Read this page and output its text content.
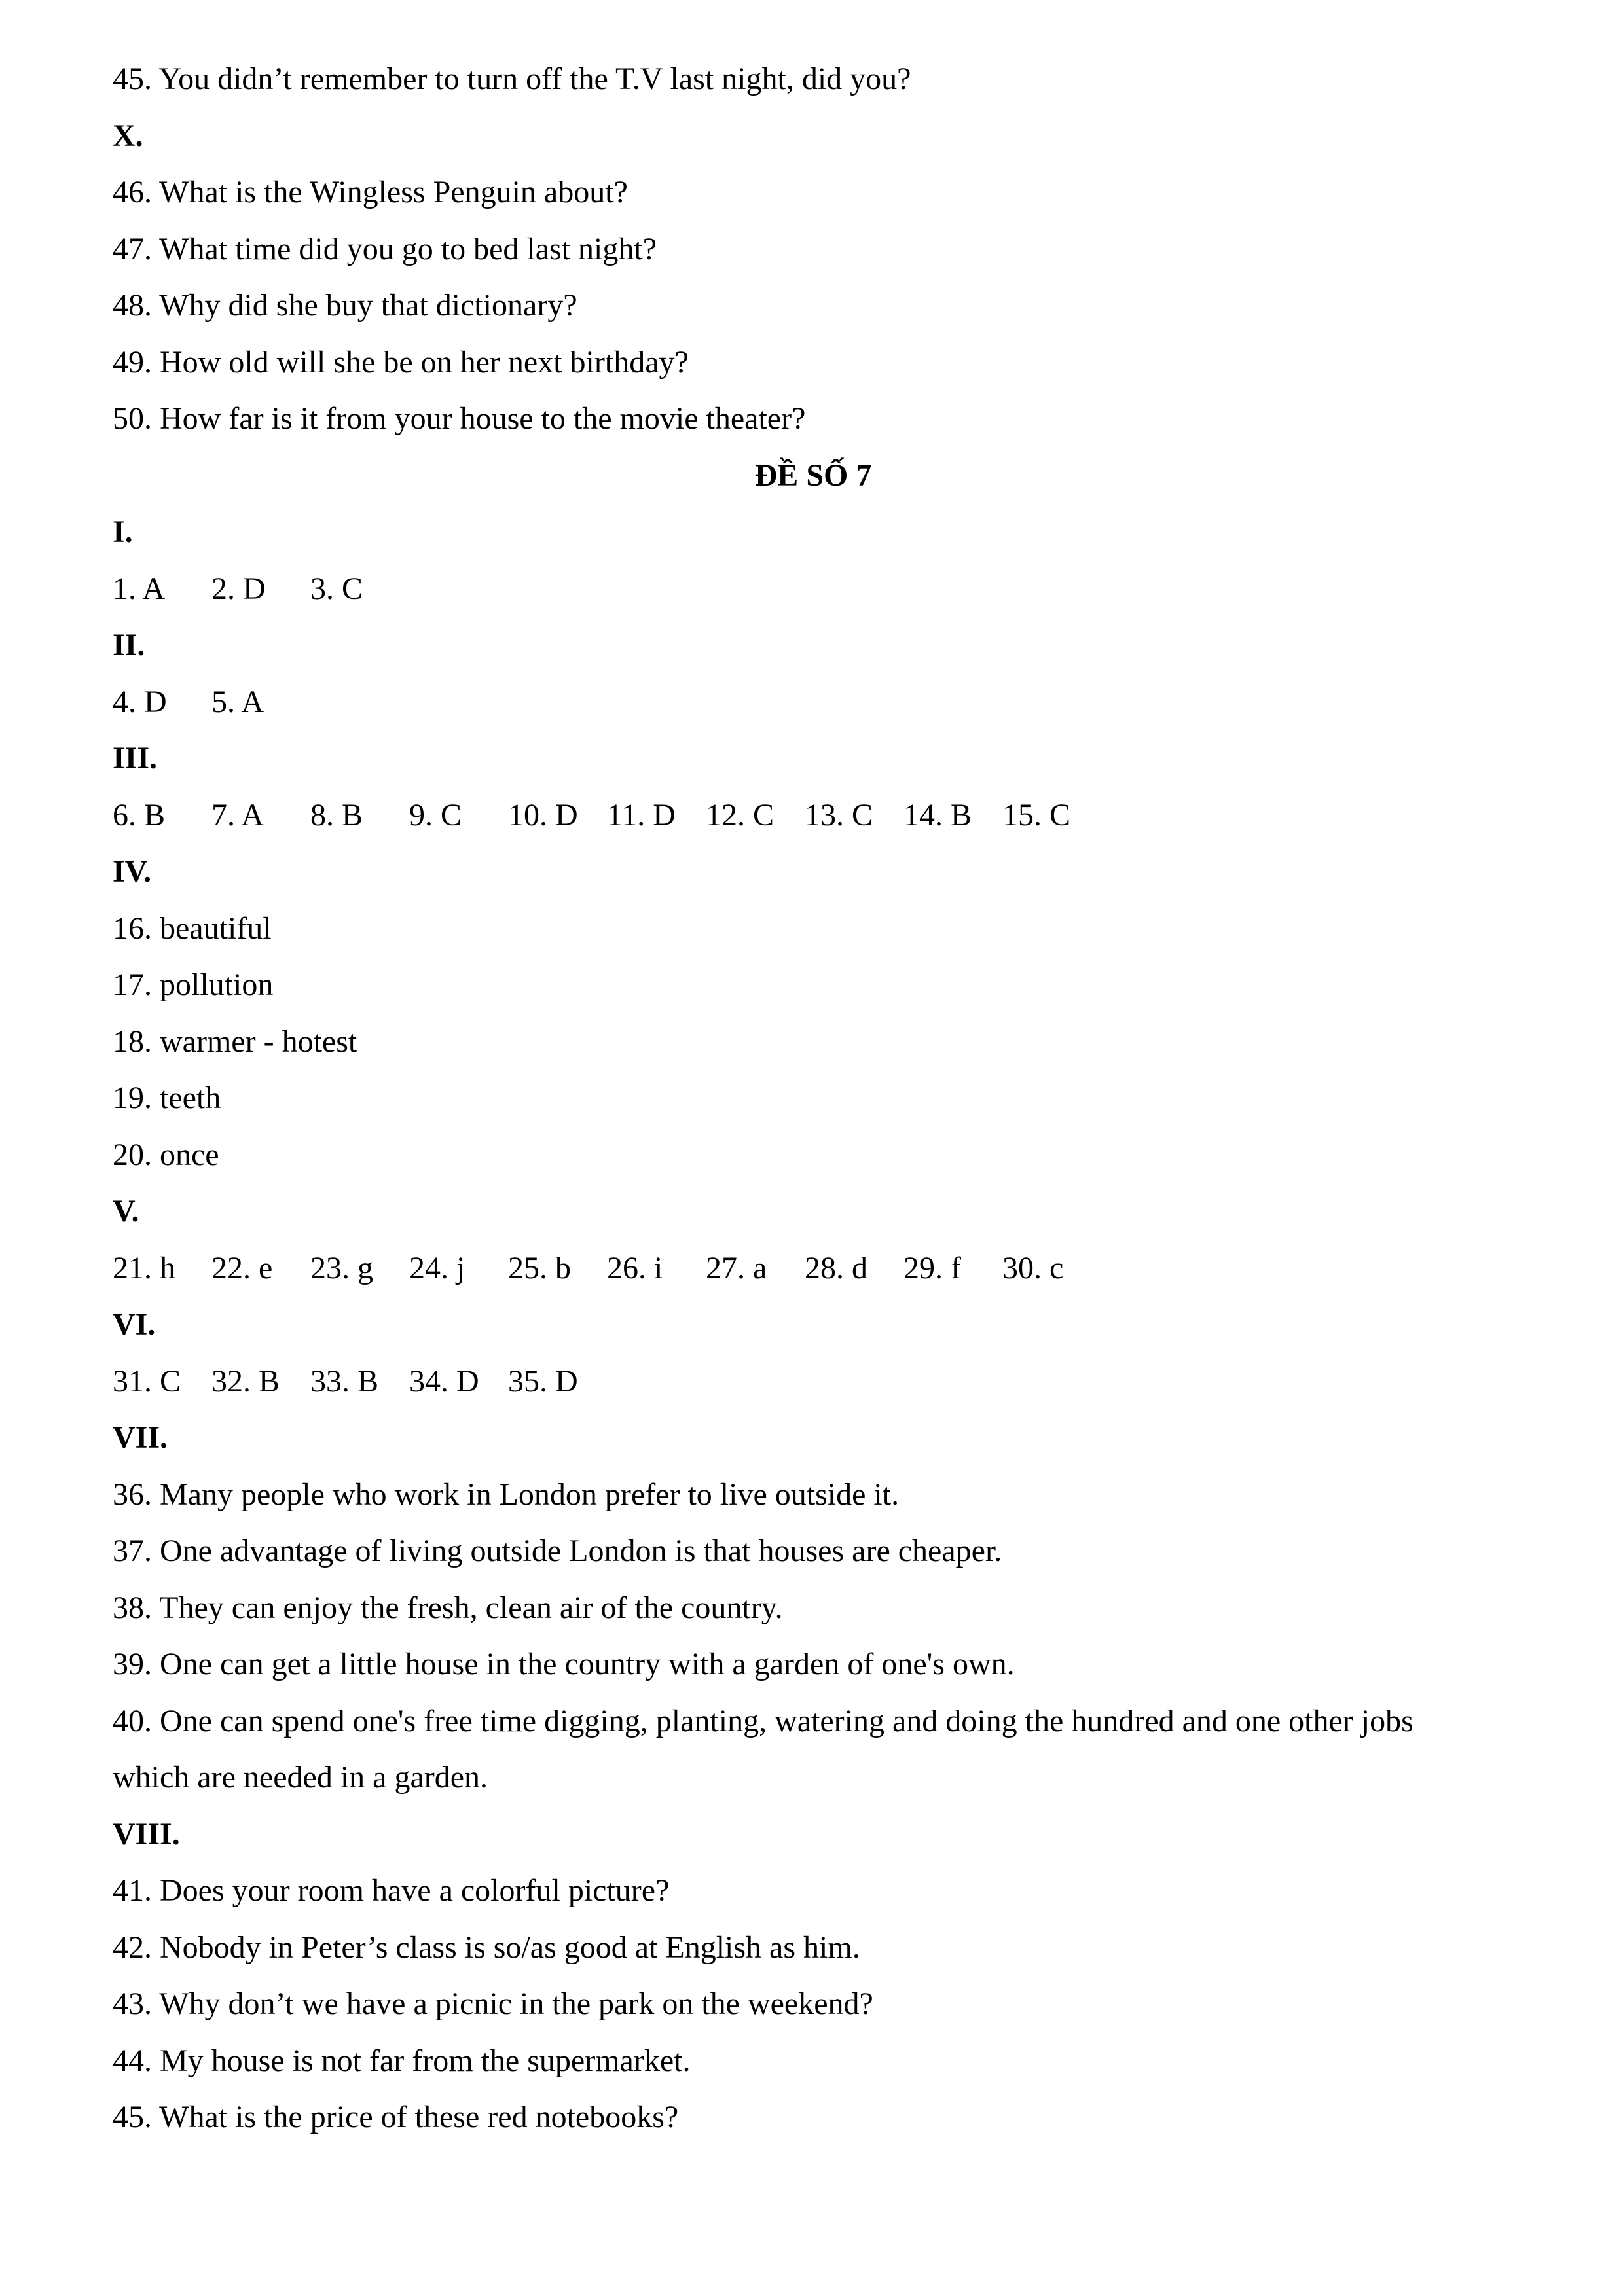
45. You didn’t remember to turn off the T.V last night, did you?
X.
46. What is the Wingless Penguin about?
47. What time did you go to bed last night?
48. Why did she buy that dictionary?
49. How old will she be on her next birthday?
50. How far is it from your house to the movie theater?
ĐỀ SỐ 7
I.
1. A 2. D 3. C
II.
4. D 5. A
III.
6. B 7. A 8. B 9. C 10. D 11. D 12. C 13. C 14. B 15. C
IV.
16. beautiful
17. pollution
18. warmer - hotest
19. teeth
20. once
V.
21. h 22. e 23. g 24. j 25. b 26. i 27. a 28. d 29. f 30. c
VI.
31. C 32. B 33. B 34. D 35. D
VII.
36. Many people who work in London prefer to live outside it.
37. One advantage of living outside London is that houses are cheaper.
38. They can enjoy the fresh, clean air of the country.
39. One can get a little house in the country with a garden of one's own.
40. One can spend one's free time digging, planting, watering and doing the hundred and one other jobs
which are needed in a garden.
VIII.
41. Does your room have a colorful picture?
42. Nobody in Peter’s class is so/as good at English as him.
43. Why don’t we have a picnic in the park on the weekend?
44. My house is not far from the supermarket.
45. What is the price of these red notebooks?
